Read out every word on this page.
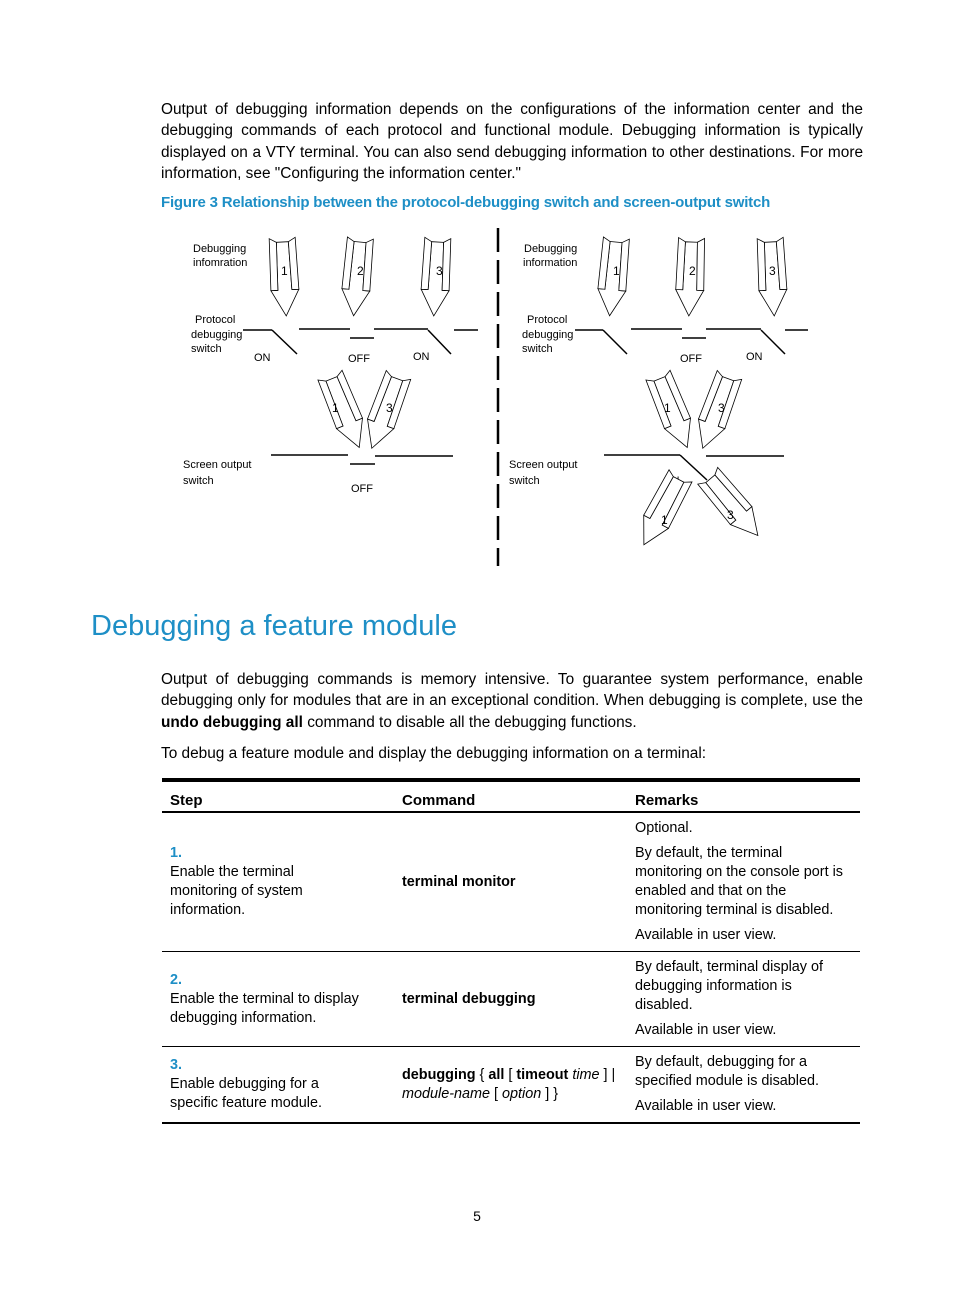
Output of debugging information depends on the configurations of the information center and the debugging commands of each protocol and functional module. Debugging information is typically displayed on a VTY terminal. You can also send debugging information to other destinations. For more information, see "Configuring the information center."

Figure 3 Relationship between the protocol-debugging switch and screen-output switch

Debugging infomration
1	2	3
Protocol debugging switch
ON	OFF	ON
1	3
Screen output switch
OFF
Debugging information
1	2	3
Protocol debugging switch
OFF	ON
1	3
Screen output switch
1	3
Debugging a feature module

Output of debugging commands is memory intensive. To guarantee system performance, enable debugging only for modules that are in an exceptional condition. When debugging is complete, use the undo debugging all command to disable all the debugging functions.

To debug a feature module and display the debugging information on a terminal:

Step	Command	Remarks
1.Enable the terminal monitoring of system information.	terminal monitor	Optional.

By default, the terminal monitoring on the console port is enabled and that on the monitoring terminal is disabled.

Available in user view.

2.Enable the terminal to display debugging information.	terminal debugging	By default, terminal display of debugging information is disabled.

Available in user view.

3.Enable debugging for a specific feature module.	debugging { all [ timeout time ] | module-name [ option ] }	By default, debugging for a specified module is disabled.

Available in user view.

5
